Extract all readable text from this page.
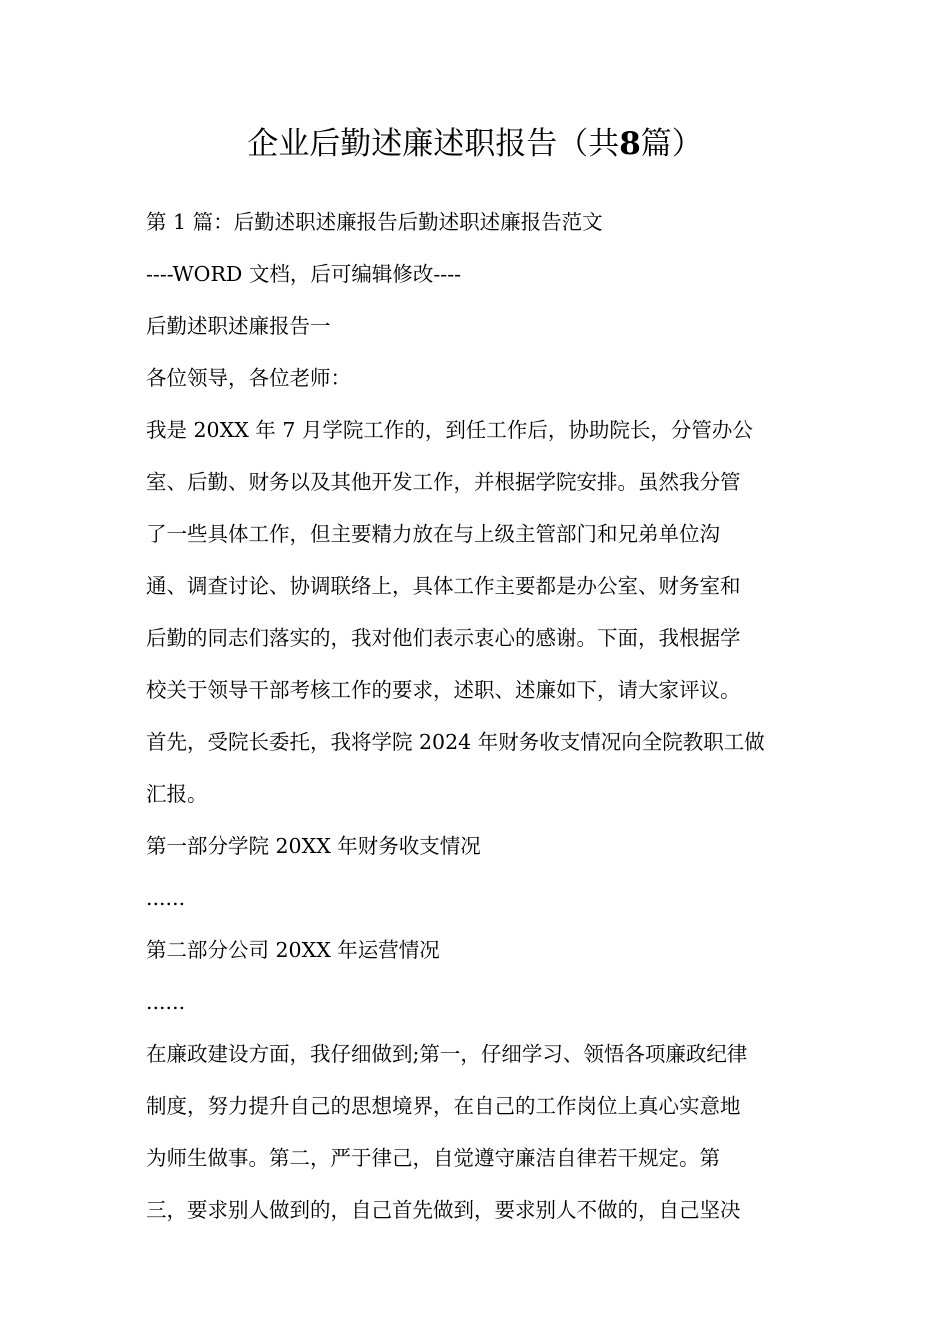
企业后勤述廉述职报告（共8篇）
第 1 篇：后勤述职述廉报告后勤述职述廉报告范文
----WORD 文档，后可编辑修改----
后勤述职述廉报告一
各位领导，各位老师：
我是 20XX 年 7 月学院工作的，到任工作后，协助院长，分管办公
室、后勤、财务以及其他开发工作，并根据学院安排。虽然我分管
了一些具体工作，但主要精力放在与上级主管部门和兄弟单位沟
通、调查讨论、协调联络上，具体工作主要都是办公室、财务室和
后勤的同志们落实的，我对他们表示衷心的感谢。下面，我根据学
校关于领导干部考核工作的要求，述职、述廉如下，请大家评议。
首先，受院长委托，我将学院 2024 年财务收支情况向全院教职工做
汇报。
第一部分学院 20XX 年财务收支情况
......
第二部分公司 20XX 年运营情况
......
在廉政建设方面，我仔细做到;第一，仔细学习、领悟各项廉政纪律
制度，努力提升自己的思想境界，在自己的工作岗位上真心实意地
为师生做事。第二，严于律己，自觉遵守廉洁自律若干规定。第
三，要求别人做到的，自己首先做到，要求别人不做的，自己坚决
